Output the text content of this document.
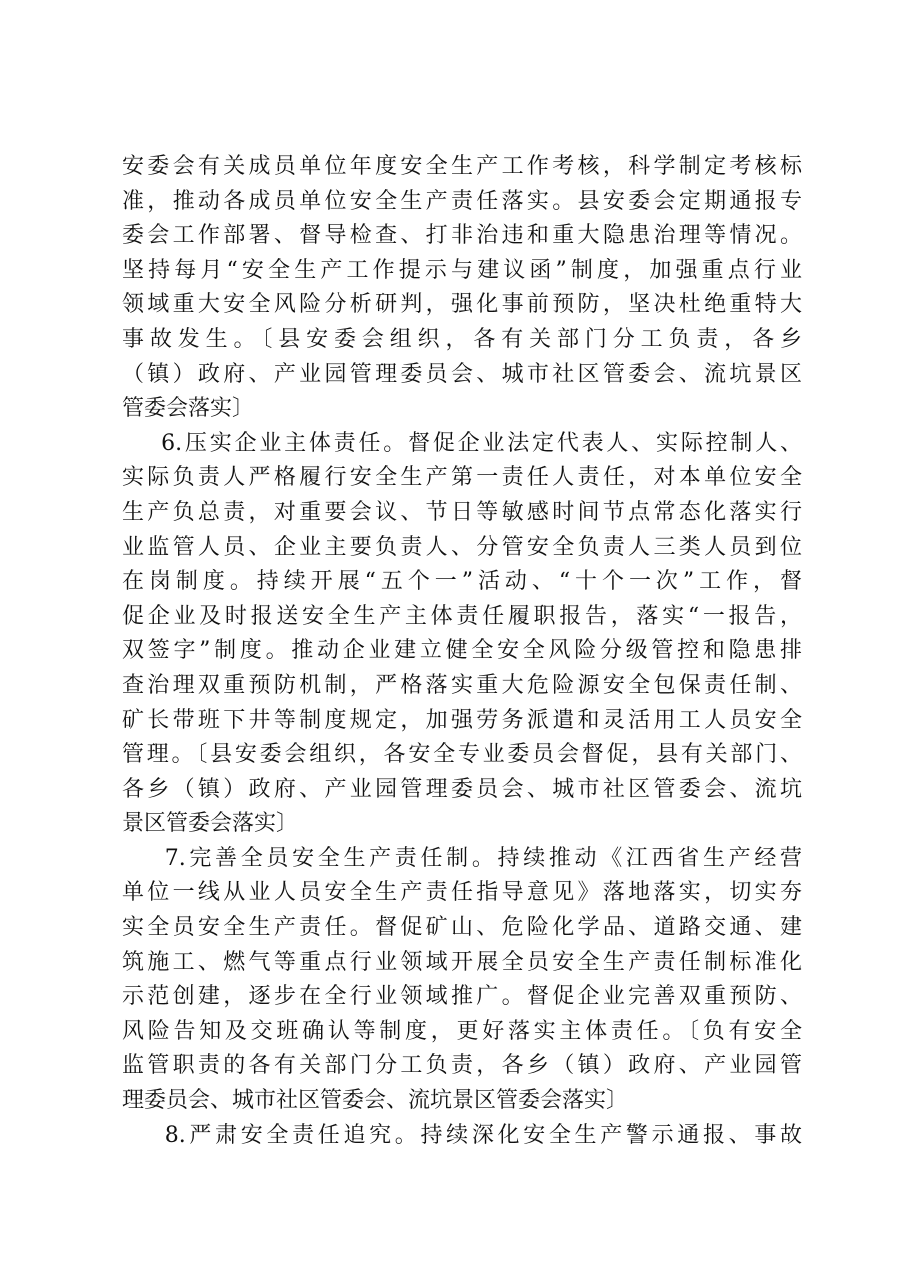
安委会有关成员单位年度安全生产工作考核，科学制定考核标
准，推动各成员单位安全生产责任落实。县安委会定期通报专
委会工作部署、督导检查、打非治违和重大隐患治理等情况。
坚持每月“安全生产工作提示与建议函”制度，加强重点行业
领域重大安全风险分析研判，强化事前预防，坚决杜绝重特大
事故发生。〔县安委会组织，各有关部门分工负责，各乡
（镇）政府、产业园管理委员会、城市社区管委会、流坑景区
管委会落实〕
6.压实企业主体责任。督促企业法定代表人、实际控制人、
实际负责人严格履行安全生产第一责任人责任，对本单位安全
生产负总责，对重要会议、节日等敏感时间节点常态化落实行
业监管人员、企业主要负责人、分管安全负责人三类人员到位
在岗制度。持续开展“五个一”活动、“十个一次”工作，督
促企业及时报送安全生产主体责任履职报告，落实“一报告，
双签字”制度。推动企业建立健全安全风险分级管控和隐患排
查治理双重预防机制，严格落实重大危险源安全包保责任制、
矿长带班下井等制度规定，加强劳务派遣和灵活用工人员安全
管理。〔县安委会组织，各安全专业委员会督促，县有关部门、
各乡（镇）政府、产业园管理委员会、城市社区管委会、流坑
景区管委会落实〕
7.完善全员安全生产责任制。持续推动《江西省生产经营
单位一线从业人员安全生产责任指导意见》落地落实，切实夯
实全员安全生产责任。督促矿山、危险化学品、道路交通、建
筑施工、燃气等重点行业领域开展全员安全生产责任制标准化
示范创建，逐步在全行业领域推广。督促企业完善双重预防、
风险告知及交班确认等制度，更好落实主体责任。〔负有安全
监管职责的各有关部门分工负责，各乡（镇）政府、产业园管
理委员会、城市社区管委会、流坑景区管委会落实〕
8.严肃安全责任追究。持续深化安全生产警示通报、事故
